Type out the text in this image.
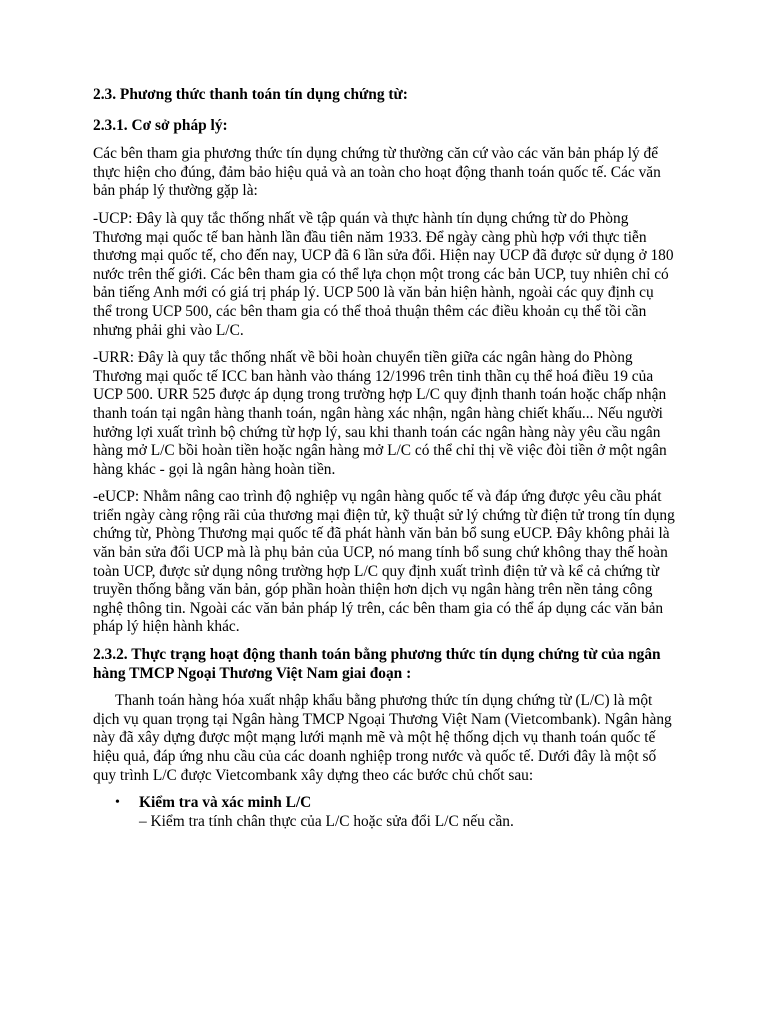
2.3. Phương thức thanh toán tín dụng chứng từ:

2.3.1. Cơ sở pháp lý:

Các bên tham gia phương thức tín dụng chứng từ thường căn cứ vào các văn bản pháp lý để thực hiện cho đúng, đảm bảo hiệu quả và an toàn cho hoạt động thanh toán quốc tế. Các văn bản pháp lý thường gặp là:

-UCP: Đây là quy tắc thống nhất về tập quán và thực hành tín dụng chứng từ do Phòng Thương mại quốc tế ban hành lần đầu tiên năm 1933. Để ngày càng phù hợp với thực tiễn thương mại quốc tế, cho đến nay, UCP đã 6 lần sửa đổi. Hiện nay UCP đã được sử dụng ở 180 nước trên thế giới. Các bên tham gia có thể lựa chọn một trong các bản UCP, tuy nhiên chỉ có bản tiếng Anh mới có giá trị pháp lý. UCP 500 là văn bản hiện hành, ngoài các quy định cụ thể trong UCP 500, các bên tham gia có thể thoả thuận thêm các điều khoản cụ thể tồi cần nhưng phải ghi vào L/C.

-URR: Đây là quy tắc thống nhất về bồi hoàn chuyển tiền giữa các ngân hàng do Phòng Thương mại quốc tế ICC ban hành vào tháng 12/1996 trên tinh thần cụ thể hoá điều 19 của UCP 500. URR 525 được áp dụng trong trường hợp L/C quy định thanh toán hoặc chấp nhận thanh toán tại ngân hàng thanh toán, ngân hàng xác nhận, ngân hàng chiết khấu... Nếu người hưởng lợi xuất trình bộ chứng từ hợp lý, sau khi thanh toán các ngân hàng này yêu cầu ngân hàng mở L/C bồi hoàn tiền hoặc ngân hàng mở L/C có thể chỉ thị về việc đòi tiền ở một ngân hàng khác - gọi là ngân hàng hoàn tiền.

-eUCP: Nhằm nâng cao trình độ nghiệp vụ ngân hàng quốc tế và đáp ứng được yêu cầu phát triển ngày càng rộng rãi của thương mại điện tử, kỹ thuật sử lý chứng từ điện tử trong tín dụng chứng từ, Phòng Thương mại quốc tế đã phát hành văn bản bổ sung eUCP. Đây không phải là văn bản sửa đổi UCP mà là phụ bản của UCP, nó mang tính bổ sung chứ không thay thế hoàn toàn UCP, được sử dụng nông trường hợp L/C quy định xuất trình điện tử và kể cả chứng từ truyền thống bằng văn bản, góp phần hoàn thiện hơn dịch vụ ngân hàng trên nền tảng công nghệ thông tin. Ngoài các văn bản pháp lý trên, các bên tham gia có thể áp dụng các văn bản pháp lý hiện hành khác.

2.3.2. Thực trạng hoạt động thanh toán bằng phương thức tín dụng chứng từ của ngân hàng TMCP Ngoại Thương Việt Nam giai đoạn :

Thanh toán hàng hóa xuất nhập khẩu bằng phương thức tín dụng chứng từ (L/C) là một dịch vụ quan trọng tại Ngân hàng TMCP Ngoại Thương Việt Nam (Vietcombank). Ngân hàng này đã xây dựng được một mạng lưới mạnh mẽ và một hệ thống dịch vụ thanh toán quốc tế hiệu quả, đáp ứng nhu cầu của các doanh nghiệp trong nước và quốc tế. Dưới đây là một số quy trình L/C được Vietcombank xây dựng theo các bước chủ chốt sau:

• Kiểm tra và xác minh L/C
– Kiểm tra tính chân thực của L/C hoặc sửa đổi L/C nếu cần.
